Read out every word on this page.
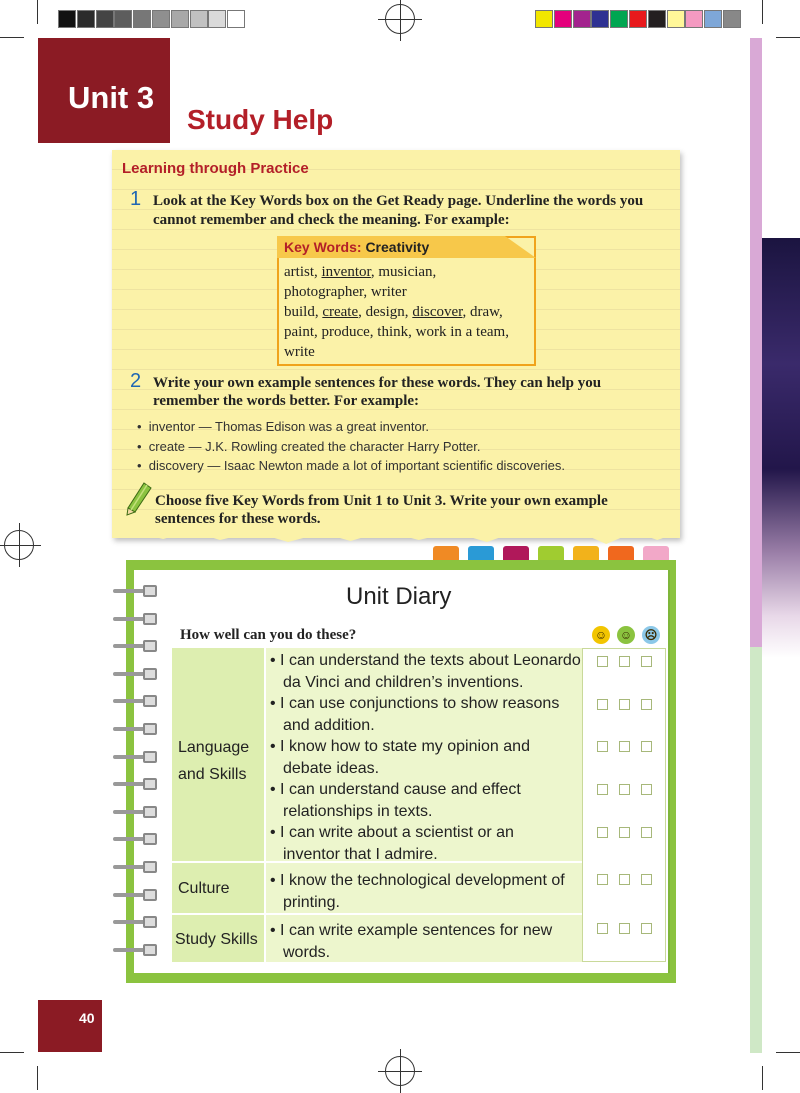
Unit 3
Study Help
Learning through Practice
1 Look at the Key Words box on the Get Ready page. Underline the words you
cannot remember and check the meaning. For example:
Key Words: Creativity
artist, inventor, musician,
photographer, writer
build, create, design, discover, draw,
paint, produce, think, work in a team,
write
2 Write your own example sentences for these words. They can help you
remember the words better. For example:
• inventor — Thomas Edison was a great inventor.
• create — J.K. Rowling created the character Harry Potter.
• discovery — Isaac Newton made a lot of important scientific discoveries.
Choose five Key Words from Unit 1 to Unit 3. Write your own example
sentences for these words.
Unit Diary
How well can you do these?	☺ ☺ ☹
Language
and Skills
Culture
Study Skills
• I can understand the texts about Leonardo
da Vinci and children’s inventions.
• I can use conjunctions to show reasons
and addition.
• I know how to state my opinion and
debate ideas.
• I can understand cause and effect
relationships in texts.
• I can write about a scientist or an
inventor that I admire.
• I know the technological development of
printing.
• I can write example sentences for new
words.
40
